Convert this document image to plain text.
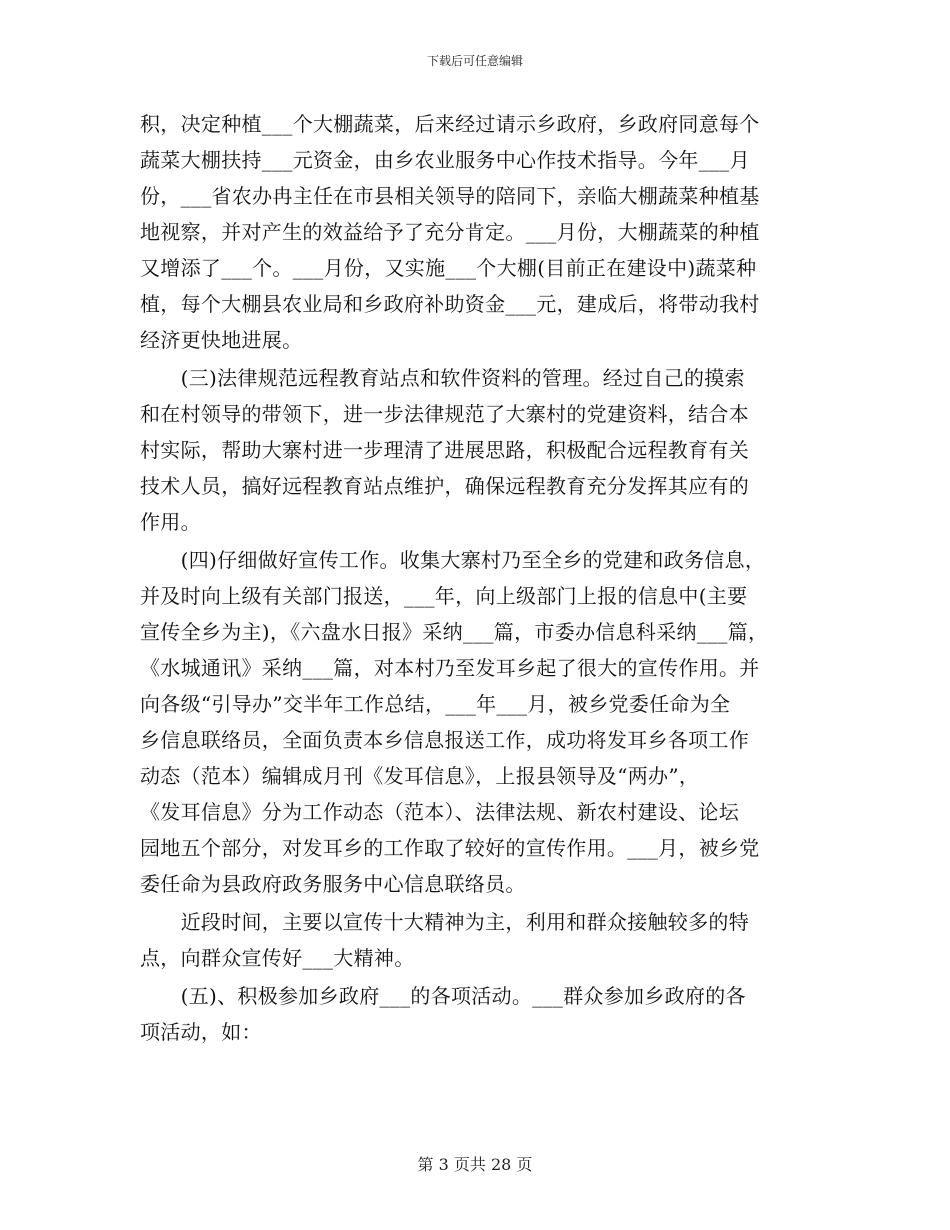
下载后可任意编辑
积，决定种植___个大棚蔬菜，后来经过请示乡政府，乡政府同意每个
蔬菜大棚扶持___元资金，由乡农业服务中心作技术指导。今年___月
份，___省农办冉主任在市县相关领导的陪同下，亲临大棚蔬菜种植基
地视察，并对产生的效益给予了充分肯定。___月份，大棚蔬菜的种植
又增添了___个。___月份，又实施___个大棚(目前正在建设中)蔬菜种
植，每个大棚县农业局和乡政府补助资金___元，建成后，将带动我村
经济更快地进展。
　　(三)法律规范远程教育站点和软件资料的管理。经过自己的摸索
和在村领导的带领下，进一步法律规范了大寨村的党建资料，结合本
村实际，帮助大寨村进一步理清了进展思路，积极配合远程教育有关
技术人员，搞好远程教育站点维护，确保远程教育充分发挥其应有的
作用。
　　(四)仔细做好宣传工作。收集大寨村乃至全乡的党建和政务信息，
并及时向上级有关部门报送，___年，向上级部门上报的信息中(主要
宣传全乡为主)，《六盘水日报》采纳___篇，市委办信息科采纳___篇，
《水城通讯》采纳___篇，对本村乃至发耳乡起了很大的宣传作用。并
向各级“引导办”交半年工作总结，___年___月，被乡党委任命为全
乡信息联络员，全面负责本乡信息报送工作，成功将发耳乡各项工作
动态（范本）编辑成月刊《发耳信息》，上报县领导及“两办”，
《发耳信息》分为工作动态（范本）、法律法规、新农村建设、论坛
园地五个部分，对发耳乡的工作取了较好的宣传作用。___月，被乡党
委任命为县政府政务服务中心信息联络员。
　　近段时间，主要以宣传十大精神为主，利用和群众接触较多的特
点，向群众宣传好___大精神。
　　(五)、积极参加乡政府___的各项活动。___群众参加乡政府的各
项活动，如：
第 3 页共 28 页
